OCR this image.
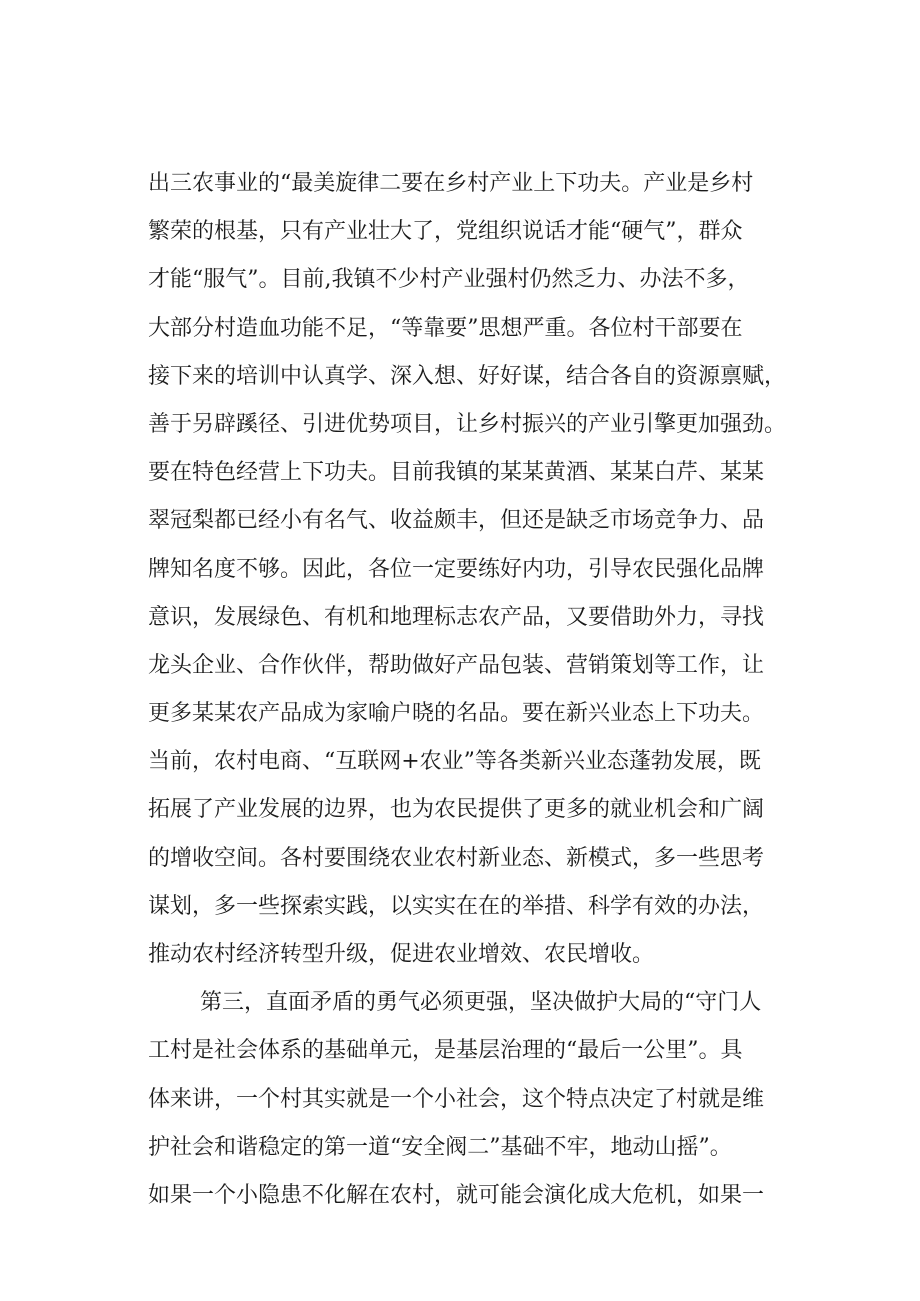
出三农事业的“最美旋律二要在乡村产业上下功夫。产业是乡村
繁荣的根基，只有产业壮大了，党组织说话才能“硬气”，群众
才能“服气”。目前,我镇不少村产业强村仍然乏力、办法不多，
大部分村造血功能不足，“等靠要”思想严重。各位村干部要在
接下来的培训中认真学、深入想、好好谋，结合各自的资源禀赋，
善于另辟蹊径、引进优势项目，让乡村振兴的产业引擎更加强劲。
要在特色经营上下功夫。目前我镇的某某黄酒、某某白芹、某某
翠冠梨都已经小有名气、收益颇丰，但还是缺乏市场竞争力、品
牌知名度不够。因此，各位一定要练好内功，引导农民强化品牌
意识，发展绿色、有机和地理标志农产品，又要借助外力，寻找
龙头企业、合作伙伴，帮助做好产品包装、营销策划等工作，让
更多某某农产品成为家喻户晓的名品。要在新兴业态上下功夫。
当前，农村电商、“互联网+农业”等各类新兴业态蓬勃发展，既
拓展了产业发展的边界，也为农民提供了更多的就业机会和广阔
的增收空间。各村要围绕农业农村新业态、新模式，多一些思考
谋划，多一些探索实践，以实实在在的举措、科学有效的办法，
推动农村经济转型升级，促进农业增效、农民增收。
第三，直面矛盾的勇气必须更强，坚决做护大局的“守门人
工村是社会体系的基础单元，是基层治理的“最后一公里”。具
体来讲，一个村其实就是一个小社会，这个特点决定了村就是维
护社会和谐稳定的第一道“安全阀二”基础不牢，地动山摇”。
如果一个小隐患不化解在农村，就可能会演化成大危机，如果一
